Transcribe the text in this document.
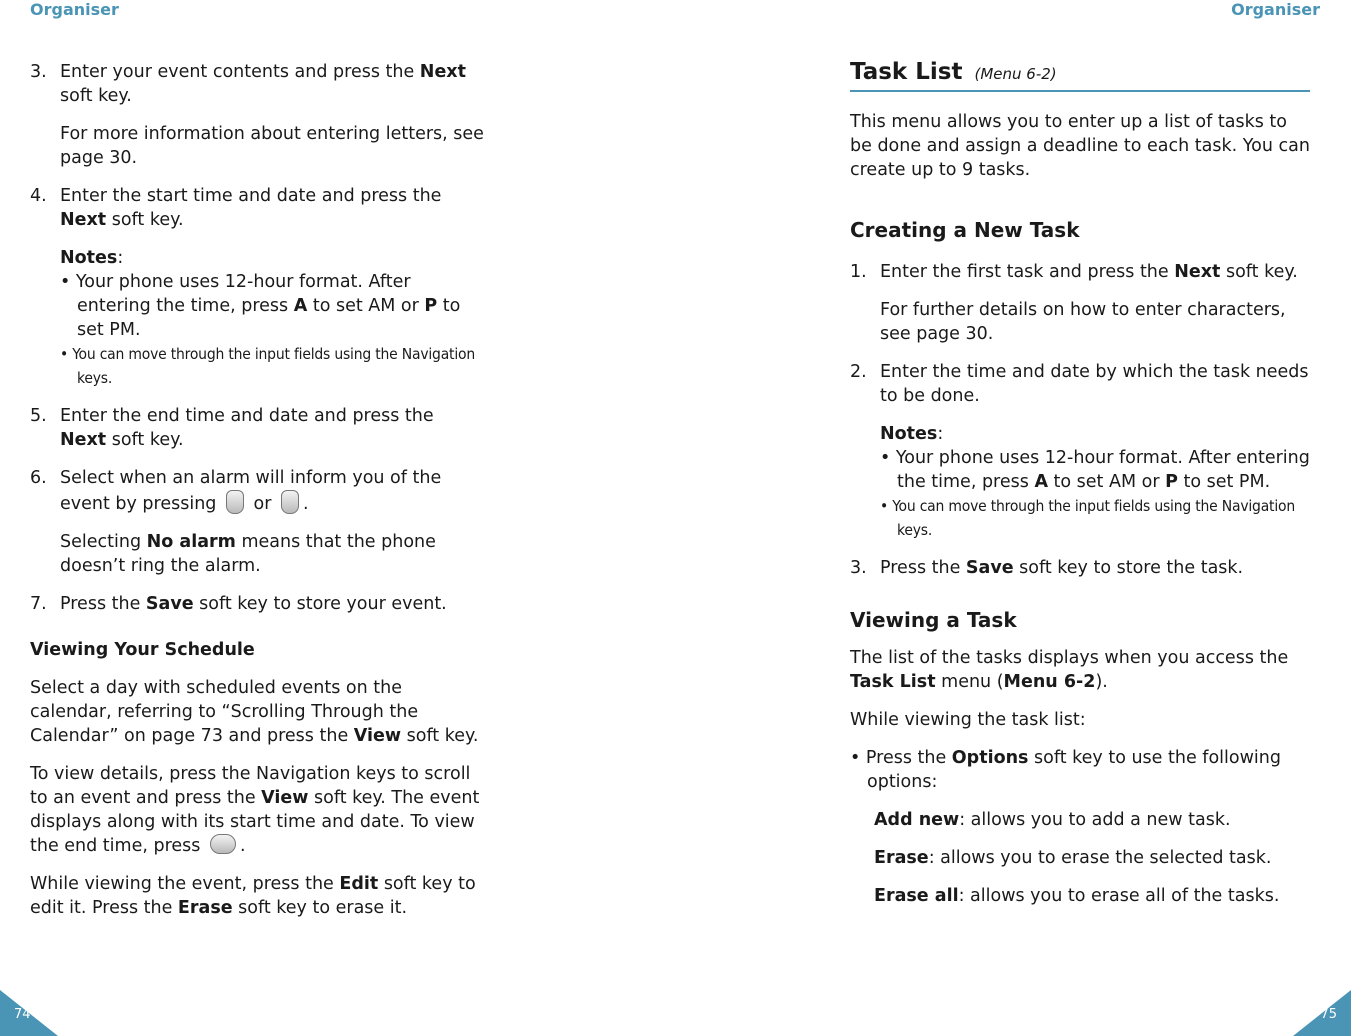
Organiser	Organiser
3. Enter your event contents and press the Next
soft key.

For more information about entering letters, see page 30.

4. Enter the start time and date and press the Next soft key.

Notes:

• Your phone uses 12-hour format. After entering the time, press A to set AM or P to set PM.

• You can move through the input fields using the Navigation keys.

5. Enter the end time and date and press the Next soft key.

6. Select when an alarm will inform you of the event by pressing  or .

Selecting No alarm means that the phone doesn’t ring the alarm.

7. Press the Save soft key to store your event.

Viewing Your Schedule

Select a day with scheduled events on the calendar, referring to “Scrolling Through the Calendar” on page 73 and press the View soft key.

To view details, press the Navigation keys to scroll to an event and press the View soft key. The event displays along with its start time and date. To view the end time, press .

While viewing the event, press the Edit soft key to edit it. Press the Erase soft key to erase it.

Task List (Menu 6-2)

This menu allows you to enter up a list of tasks to be done and assign a deadline to each task. You can create up to 9 tasks.

Creating a New Task

1. Enter the first task and press the Next soft key.

For further details on how to enter characters, see page 30.

2. Enter the time and date by which the task needs to be done.

Notes:

• Your phone uses 12-hour format. After entering the time, press A to set AM or P to set PM.

• You can move through the input fields using the Navigation keys.

3. Press the Save soft key to store the task.

Viewing a Task

The list of the tasks displays when you access the Task List menu (Menu 6-2).

While viewing the task list:

• Press the Options soft key to use the following options:

Add new: allows you to add a new task.

Erase: allows you to erase the selected task.

Erase all: allows you to erase all of the tasks.

74	75
